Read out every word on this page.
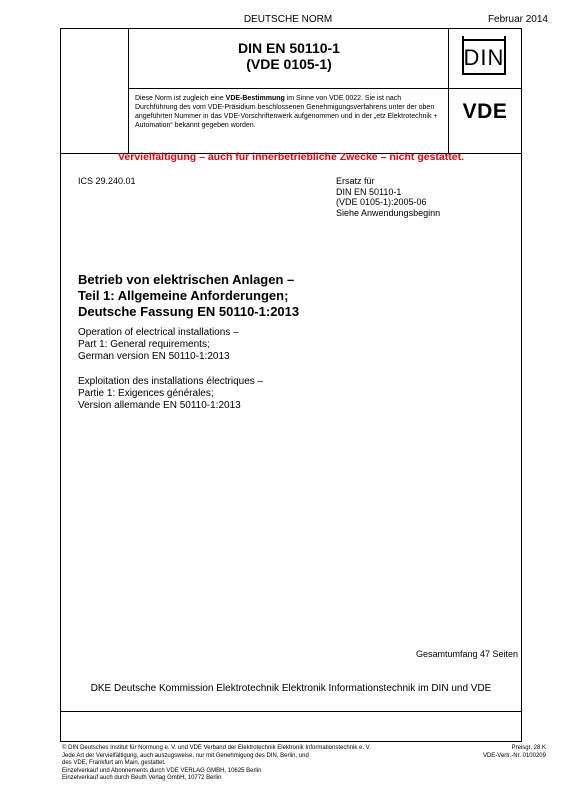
DEUTSCHE NORM	Februar 2014
DIN EN 50110-1
(VDE 0105-1)	DIN
Diese Norm ist zugleich eine VDE-Bestimmung im Sinne von VDE 0022. Sie ist nach Durchführung des vom VDE-Präsidium beschlossenen Genehmigungsverfahrens unter der oben angeführten Nummer in das VDE-Vorschriftenwerk aufgenommen und in der „etz Elektrotechnik + Automation“ bekannt gegeben worden.
VDE
Vervielfältigung – auch für innerbetriebliche Zwecke – nicht gestattet.
ICS 29.240.01	Ersatz für
DIN EN 50110-1
(VDE 0105-1):2005-06
Siehe Anwendungsbeginn
Betrieb von elektrischen Anlagen –
Teil 1: Allgemeine Anforderungen;
Deutsche Fassung EN 50110-1:2013
Operation of electrical installations –
Part 1: General requirements;
German version EN 50110-1:2013
Exploitation des installations électriques –
Partie 1: Exigences générales;
Version allemande EN 50110-1:2013
Gesamtumfang 47 Seiten
DKE Deutsche Kommission Elektrotechnik Elektronik Informationstechnik im DIN und VDE
© DIN Deutsches Institut für Normung e. V. und VDE Verband der Elektrotechnik Elektronik Informationstechnik e. V.
Jede Art der Vervielfältigung, auch auszugsweise, nur mit Genehmigung des DIN, Berlin, und
des VDE, Frankfurt am Main, gestattet.
Einzelverkauf und Abonnements durch VDE VERLAG GMBH, 10625 Berlin
Einzelverkauf auch durch Beuth Verlag GmbH, 10772 Berlin
Preisgr. 28 K
VDE-Vertr.-Nr. 0100209
